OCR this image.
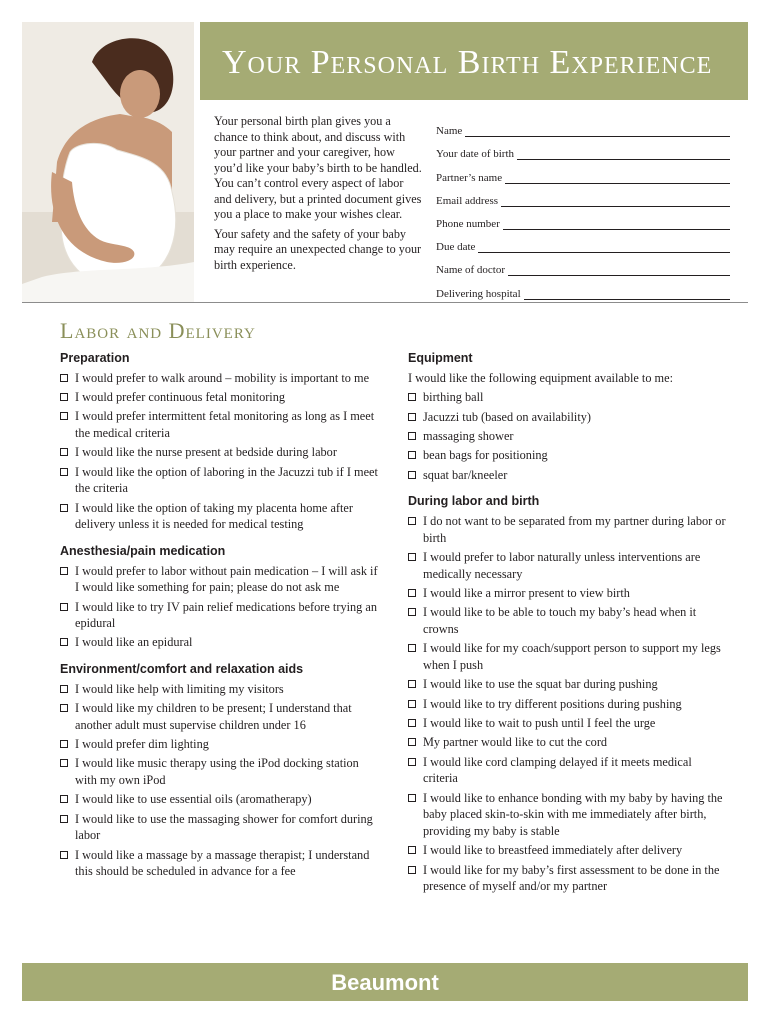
Your Personal Birth Experience

Your personal birth plan gives you a chance to think about, and discuss with your partner and your caregiver, how you’d like your baby’s birth to be handled. You can’t control every aspect of labor and delivery, but a printed document gives you a place to make your wishes clear.

Your safety and the safety of your baby may require an unexpected change to your birth experience.

Name
Your date of birth
Partner’s name
Email address
Phone number
Due date
Name of doctor
Delivering hospital
Labor and Delivery
Preparation
I would prefer to walk around – mobility is important to me
I would prefer continuous fetal monitoring
I would prefer intermittent fetal monitoring as long as I meet the medical criteria
I would like the nurse present at bedside during labor
I would like the option of laboring in the Jacuzzi tub if I meet the criteria
I would like the option of taking my placenta home after delivery unless it is needed for medical testing
Anesthesia/pain medication
I would prefer to labor without pain medication – I will ask if I would like something for pain; please do not ask me
I would like to try IV pain relief medications before trying an epidural
I would like an epidural
Environment/comfort and relaxation aids
I would like help with limiting my visitors
I would like my children to be present; I understand that another adult must supervise children under 16
I would prefer dim lighting
I would like music therapy using the iPod docking station with my own iPod
I would like to use essential oils (aromatherapy)
I would like to use the massaging shower for comfort during labor
I would like a massage by a massage therapist; I understand this should be scheduled in advance for a fee
Equipment
I would like the following equipment available to me:
birthing ball
Jacuzzi tub (based on availability)
massaging shower
bean bags for positioning
squat bar/kneeler
During labor and birth
I do not want to be separated from my partner during labor or birth
I would prefer to labor naturally unless interventions are medically necessary
I would like a mirror present to view birth
I would like to be able to touch my baby’s head when it crowns
I would like for my coach/support person to support my legs when I push
I would like to use the squat bar during pushing
I would like to try different positions during pushing
I would like to wait to push until I feel the urge
My partner would like to cut the cord
I would like cord clamping delayed if it meets medical criteria
I would like to enhance bonding with my baby by having the baby placed skin-to-skin with me immediately after birth, providing my baby is stable
I would like to breastfeed immediately after delivery
I would like for my baby’s first assessment to be done in the presence of myself and/or my partner
Beaumont
